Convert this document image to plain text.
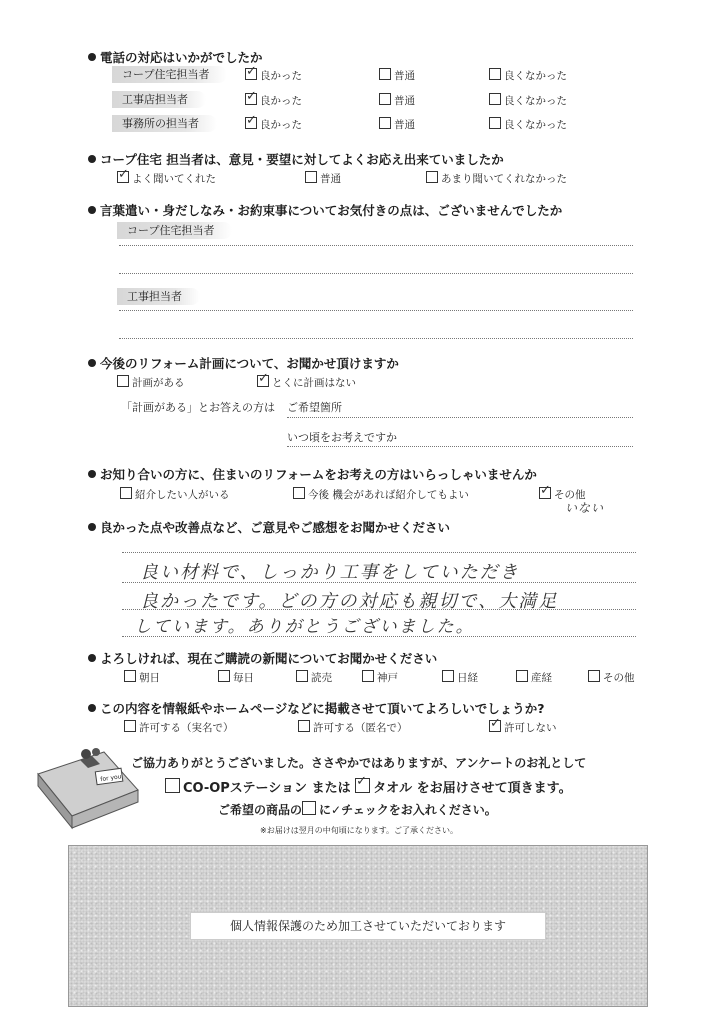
電話の対応はいかがでしたか
コープ住宅担当者 ✓	良かった	普通	良くなかった
工事店担当者 ✓	良かった	普通	良くなかった
事務所の担当者 ✓	良かった	普通	良くなかった
コープ住宅 担当者は、意見・要望に対してよくお応え出来ていましたか
✓よく聞いてくれた	普通	あまり聞いてくれなかった
言葉遣い・身だしなみ・お約束事についてお気付きの点は、ございませんでしたか
コープ住宅担当者
工事担当者
今後のリフォーム計画について、お聞かせ頂けますか
計画がある ✓	とくに計画はない
「計画がある」とお答えの方は ご希望箇所
いつ頃をお考えですか
お知り合いの方に、住まいのリフォームをお考えの方はいらっしゃいませんか
紹介したい人がいる	今後 機会があれば紹介してもよい ✓	その他
いない
良かった点や改善点など、ご意見やご感想をお聞かせください
良い材料で、しっかり工事をしていただき
良かったです。どの方の対応も親切で、大満足
しています。ありがとうございました。
よろしければ、現在ご購読の新聞についてお聞かせください
朝日	毎日	読売	神戸	日経	産経	その他
この内容を情報紙やホームページなどに掲載させて頂いてよろしいでしょうか?
許可する（実名で）	許可する（匿名で） ✓	許可しない
for you
ご協力ありがとうございました。ささやかではありますが、アンケートのお礼として
CO-OPステーション または ✓ タオル をお届けさせて頂きます。
ご希望の商品の に✓チェックをお入れください。
※お届けは翌月の中旬頃になります。ご了承ください。
個人情報保護のため加工させていただいております
